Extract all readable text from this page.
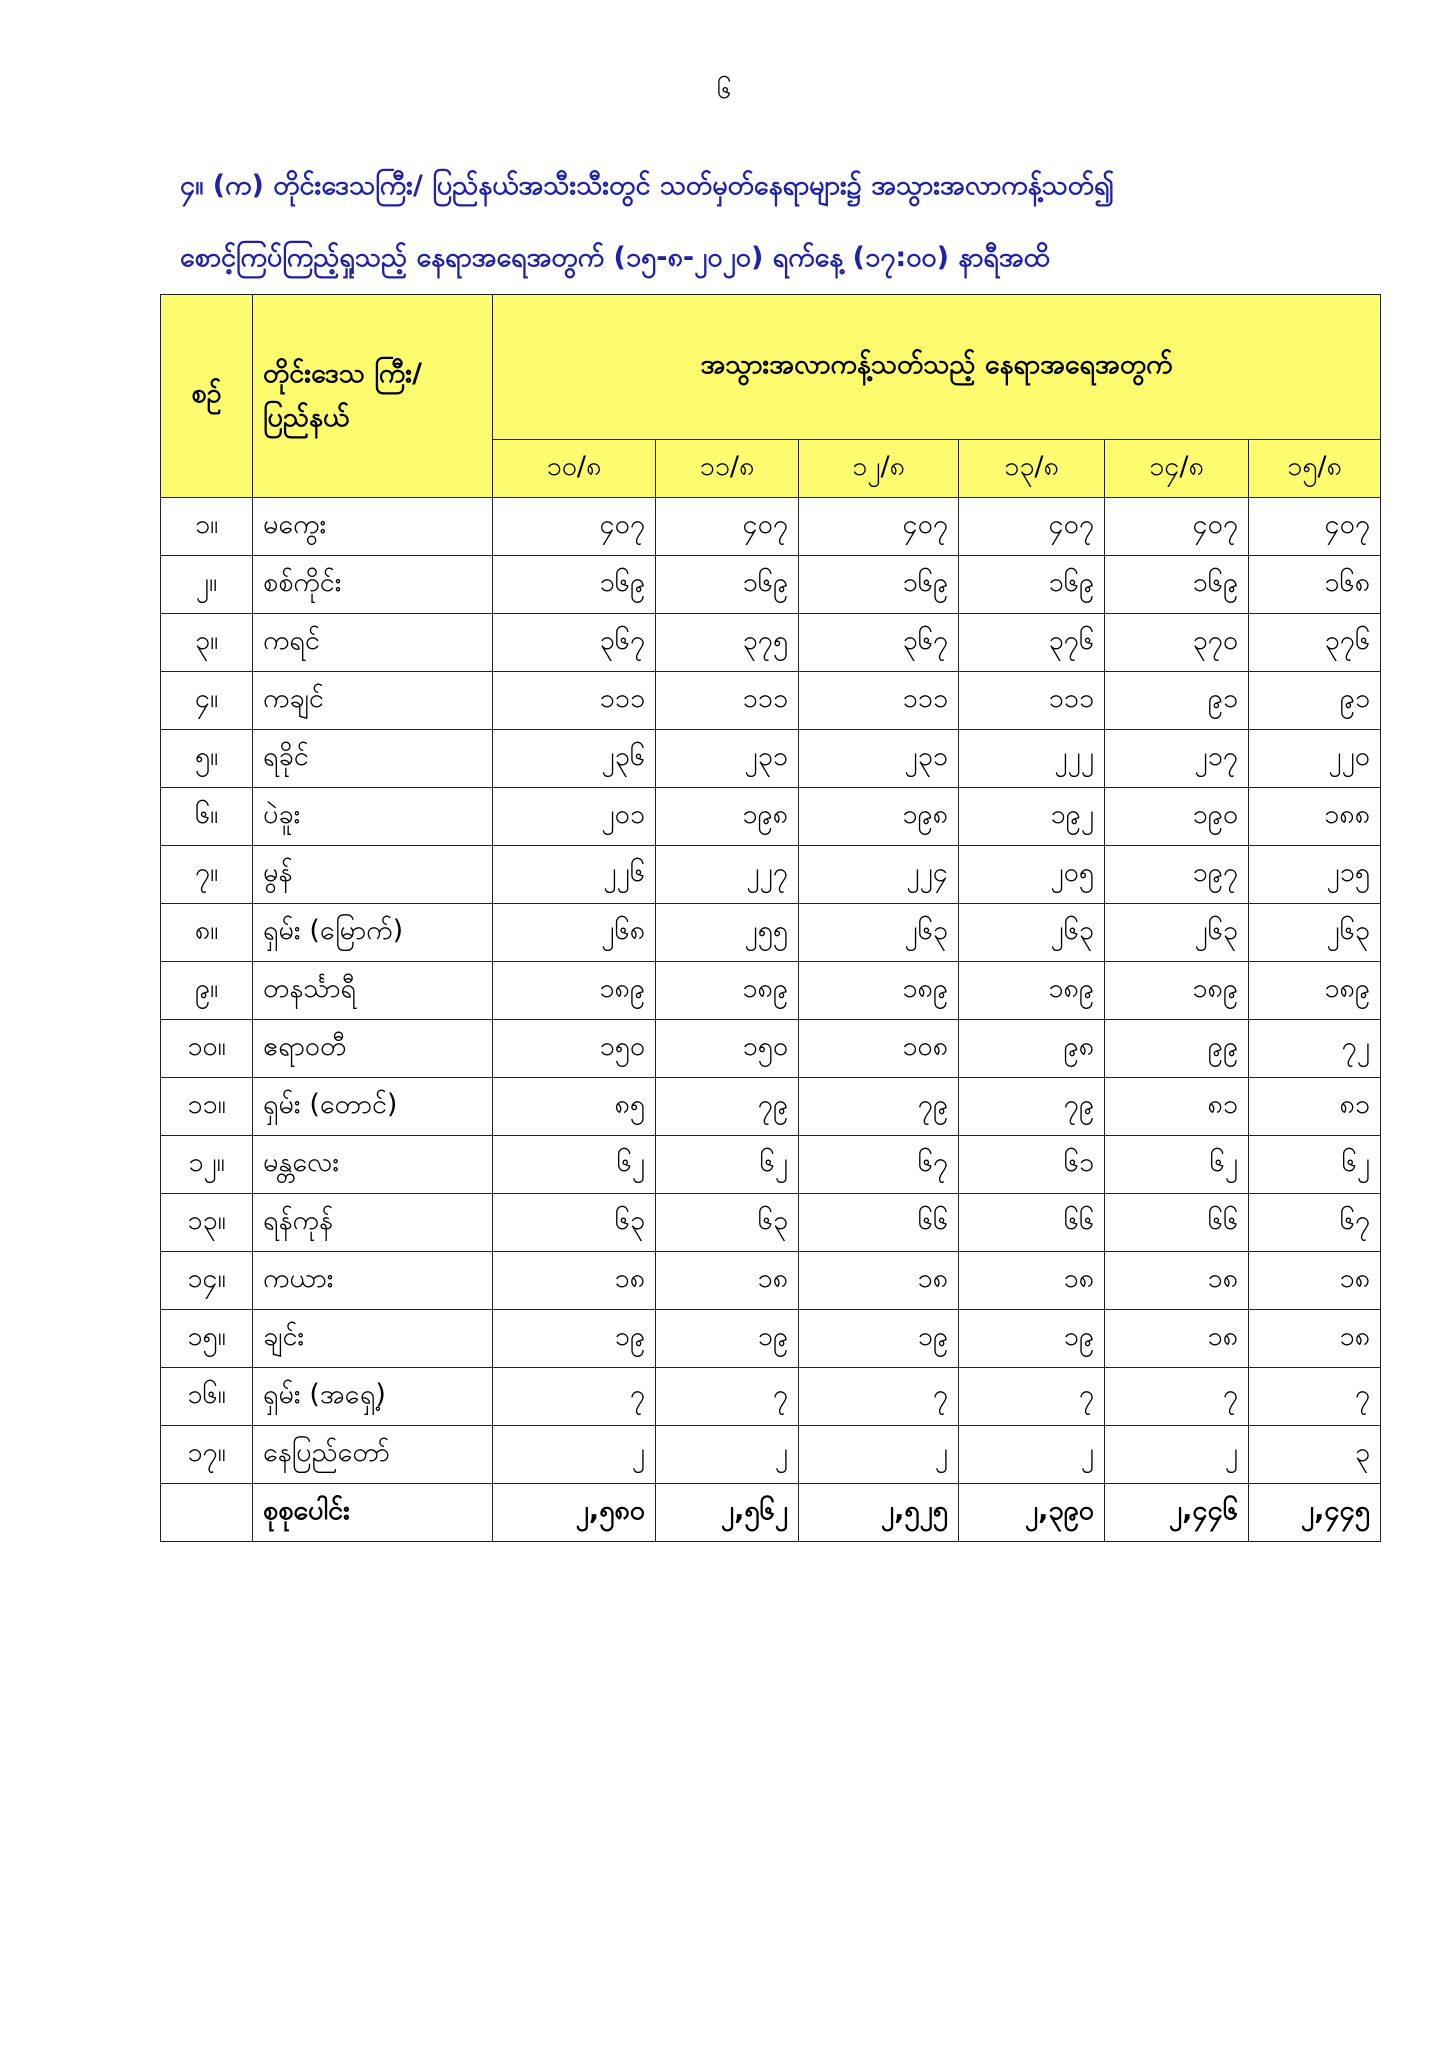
၆
၄။ (က) တိုင်းဒေသကြီး/ ပြည်နယ်အသီးသီးတွင် သတ်မှတ်နေရာများ၌ အသွားအလာကန့်သတ်၍
စောင့်ကြပ်ကြည့်ရှုသည့် နေရာအရေအတွက် (၁၅-၈-၂၀၂၀) ရက်နေ့ (၁၇:၀၀) နာရီအထိ
စဉ်	တိုင်းဒေသ ကြီး/ ပြည်နယ်	အသွားအလာကန့်သတ်သည့် နေရာအရေအတွက်					
		၁၀/၈	၁၁/၈	၁၂/၈	၁၃/၈	၁၄/၈	၁၅/၈
၁။	မကွေး	၄၀၇	၄၀၇	၄၀၇	၄၀၇	၄၀၇	၄၀၇
၂။	စစ်ကိုင်း	၁၆၉	၁၆၉	၁၆၉	၁၆၉	၁၆၉	၁၆၈
၃။	ကရင်	၃၆၇	၃၇၅	၃၆၇	၃၇၆	၃၇၀	၃၇၆
၄။	ကချင်	၁၁၁	၁၁၁	၁၁၁	၁၁၁	၉၁	၉၁
၅။	ရခိုင်	၂၃၆	၂၃၁	၂၃၁	၂၂၂	၂၁၇	၂၂၀
၆။	ပဲခူး	၂၀၁	၁၉၈	၁၉၈	၁၉၂	၁၉၀	၁၈၈
၇။	မွန်	၂၂၆	၂၂၇	၂၂၄	၂၀၅	၁၉၇	၂၁၅
၈။	ရှမ်း (မြောက်)	၂၆၈	၂၅၅	၂၆၃	၂၆၃	၂၆၃	၂၆၃
၉။	တနင်္သာရီ	၁၈၉	၁၈၉	၁၈၉	၁၈၉	၁၈၉	၁၈၉
၁၀။	ဧရာဝတီ	၁၅၀	၁၅၀	၁၀၈	၉၈	၉၉	၇၂
၁၁။	ရှမ်း (တောင်)	၈၅	၇၉	၇၉	၇၉	၈၁	၈၁
၁၂။	မန္တလေး	၆၂	၆၂	၆၇	၆၁	၆၂	၆၂
၁၃။	ရန်ကုန်	၆၃	၆၃	၆၆	၆၆	၆၆	၆၇
၁၄။	ကယား	၁၈	၁၈	၁၈	၁၈	၁၈	၁၈
၁၅။	ချင်း	၁၉	၁၉	၁၉	၁၉	၁၈	၁၈
၁၆။	ရှမ်း (အရှေ့)	၇	၇	၇	၇	၇	၇
၁၇။	နေပြည်တော်	၂	၂	၂	၂	၂	၃
	စုစုပေါင်း	၂,၅၈၀	၂,၅၆၂	၂,၅၂၅	၂,၃၉၀	၂,၄၄၆	၂,၄၄၅
